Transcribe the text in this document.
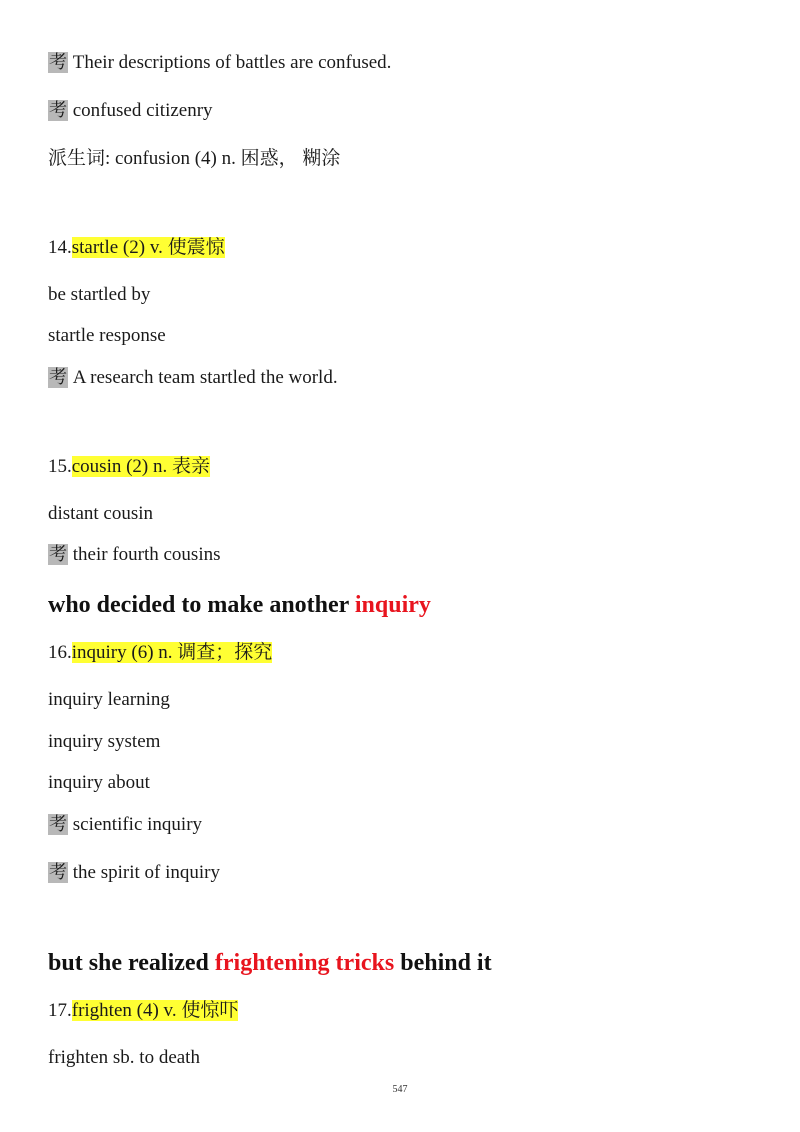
考 Their descriptions of battles are confused.
考 confused citizenry
派生词: confusion (4) n. 困惑， 糊涂
14.startle (2) v. 使震惊
be startled by
startle response
考 A research team startled the world.
15.cousin (2) n. 表亲
distant cousin
考 their fourth cousins
who decided to make another inquiry
16.inquiry (6) n. 调查；探究
inquiry learning
inquiry system
inquiry about
考 scientific inquiry
考 the spirit of inquiry
but she realized frightening tricks behind it
17.frighten (4) v. 使惊吓
frighten sb. to death
547
